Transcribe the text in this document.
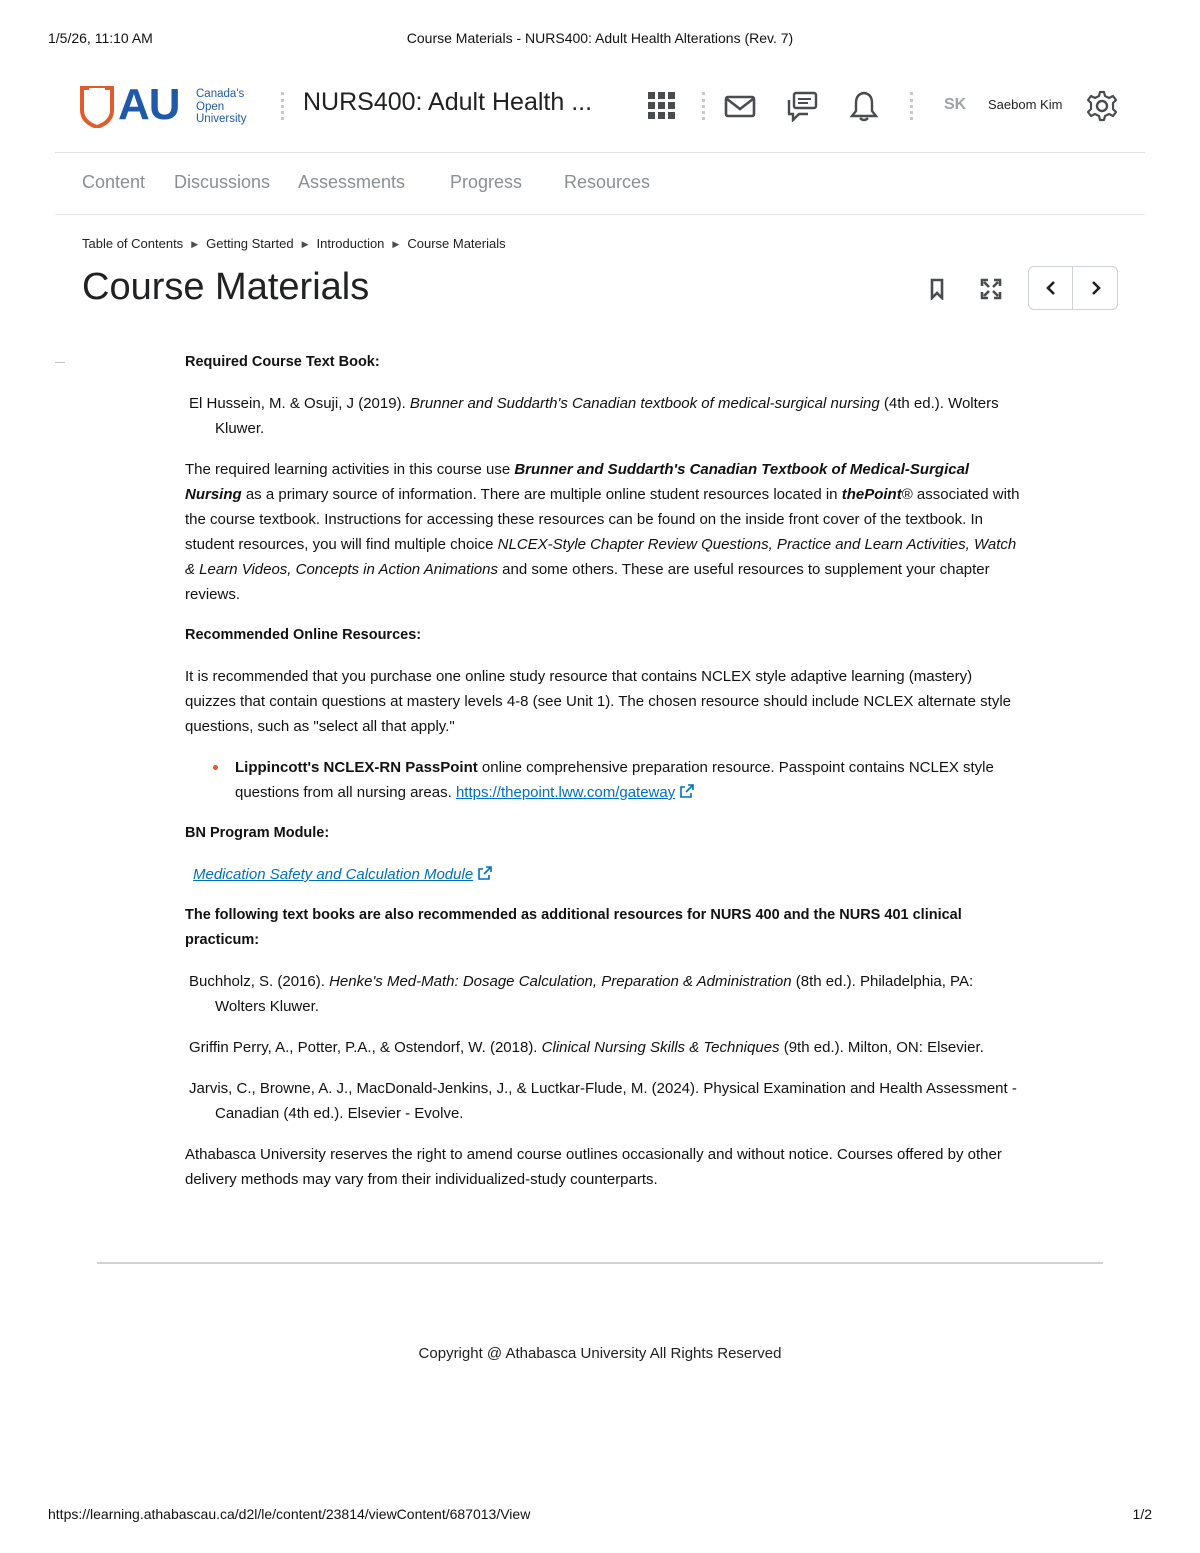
1/5/26, 11:10 AM	Course Materials - NURS400: Adult Health Alterations (Rev. 7)
AU Canada's
Open
University
NURS400: Adult Health ...	SK Saebom Kim
Content Discussions Assessments Progress Resources
Table of Contents ▶ Getting Started ▶ Introduction ▶ Course Materials
Course Materials

Required Course Text Book:

El Hussein, M. & Osuji, J (2019). Brunner and Suddarth's Canadian textbook of medical-surgical nursing (4th ed.). Wolters Kluwer.

The required learning activities in this course use Brunner and Suddarth's Canadian Textbook of Medical-Surgical Nursing as a primary source of information. There are multiple online student resources located in thePoint® associated with the course textbook. Instructions for accessing these resources can be found on the inside front cover of the textbook. In student resources, you will find multiple choice NLCEX-Style Chapter Review Questions, Practice and Learn Activities, Watch & Learn Videos, Concepts in Action Animations and some others. These are useful resources to supplement your chapter reviews.

Recommended Online Resources:

It is recommended that you purchase one online study resource that contains NCLEX style adaptive learning (mastery) quizzes that contain questions at mastery levels 4-8 (see Unit 1). The chosen resource should include NCLEX alternate style questions, such as "select all that apply."

Lippincott's NCLEX-RN PassPoint online comprehensive preparation resource. Passpoint contains NCLEX style questions from all nursing areas. https://thepoint.lww.com/gateway

BN Program Module:

Medication Safety and Calculation Module

The following text books are also recommended as additional resources for NURS 400 and the NURS 401 clinical practicum:

Buchholz, S. (2016). Henke's Med-Math: Dosage Calculation, Preparation & Administration (8th ed.). Philadelphia, PA: Wolters Kluwer.

Griffin Perry, A., Potter, P.A., & Ostendorf, W. (2018). Clinical Nursing Skills & Techniques (9th ed.). Milton, ON: Elsevier.

Jarvis, C., Browne, A. J., MacDonald-Jenkins, J., & Luctkar-Flude, M. (2024). Physical Examination and Health Assessment - Canadian (4th ed.). Elsevier - Evolve.

Athabasca University reserves the right to amend course outlines occasionally and without notice. Courses offered by other delivery methods may vary from their individualized-study counterparts.

Copyright @ Athabasca University All Rights Reserved
https://learning.athabascau.ca/d2l/le/content/23814/viewContent/687013/View	1/2
